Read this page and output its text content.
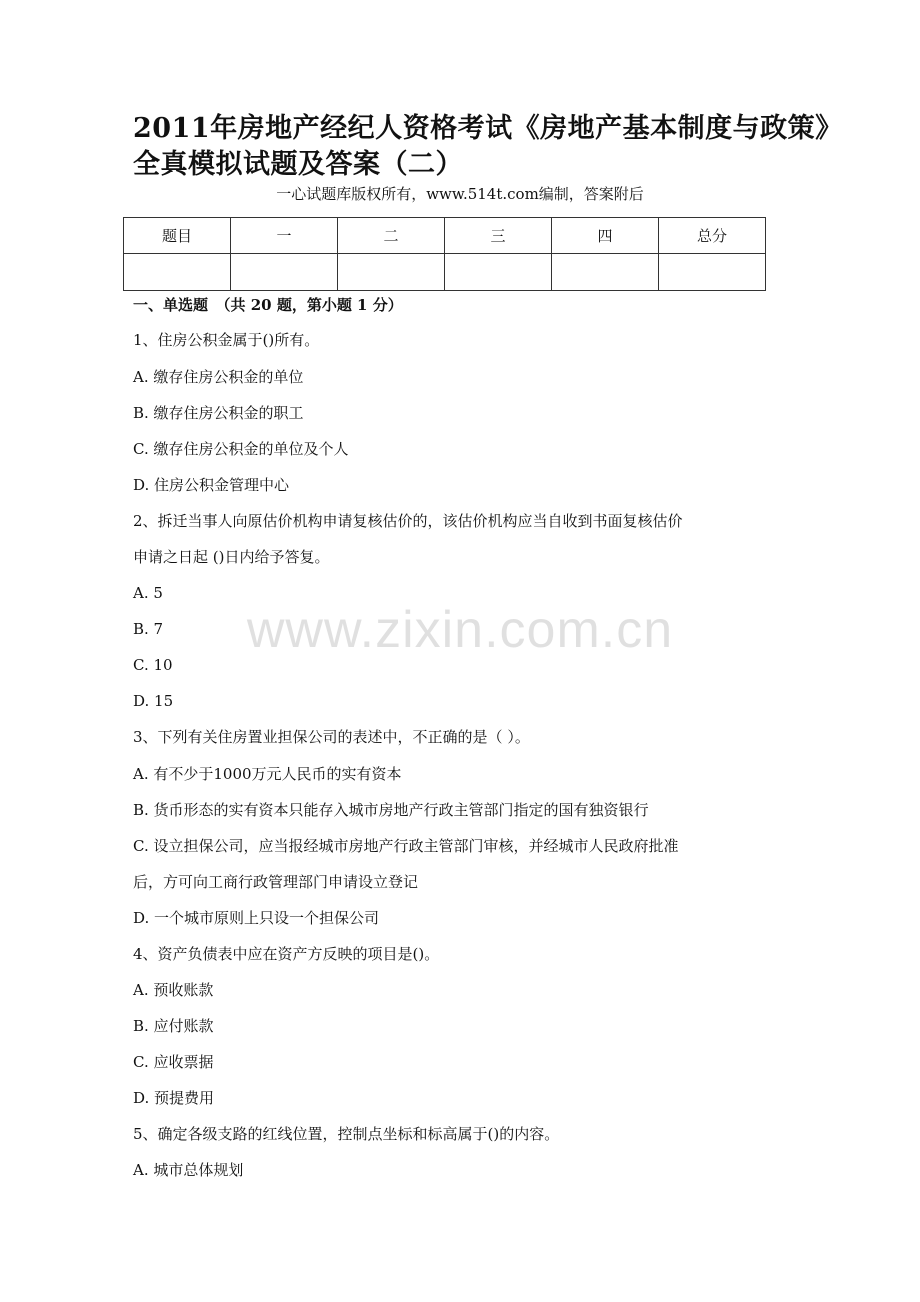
2011年房地产经纪人资格考试《房地产基本制度与政策》
全真模拟试题及答案（二）
一心试题库版权所有，www.514t.com编制，答案附后
题目	一	二	三	四	总分

一、单选题　（共 20 题，第小题 1 分）
1、住房公积金属于()所有。
A. 缴存住房公积金的单位
B. 缴存住房公积金的职工
C. 缴存住房公积金的单位及个人
D. 住房公积金管理中心
2、拆迁当事人向原估价机构申请复核估价的，该估价机构应当自收到书面复核估价
申请之日起 ()日内给予答复。
A. 5
B. 7
C. 10
D. 15
3、下列有关住房置业担保公司的表述中，不正确的是（ ）。
A. 有不少于1000万元人民币的实有资本
B. 货币形态的实有资本只能存入城市房地产行政主管部门指定的国有独资银行
C. 设立担保公司，应当报经城市房地产行政主管部门审核，并经城市人民政府批准
后，方可向工商行政管理部门申请设立登记
D. 一个城市原则上只设一个担保公司
4、资产负债表中应在资产方反映的项目是()。
A. 预收账款
B. 应付账款
C. 应收票据
D. 预提费用
5、确定各级支路的红线位置，控制点坐标和标高属于()的内容。
A. 城市总体规划
www.zixin.com.cn
